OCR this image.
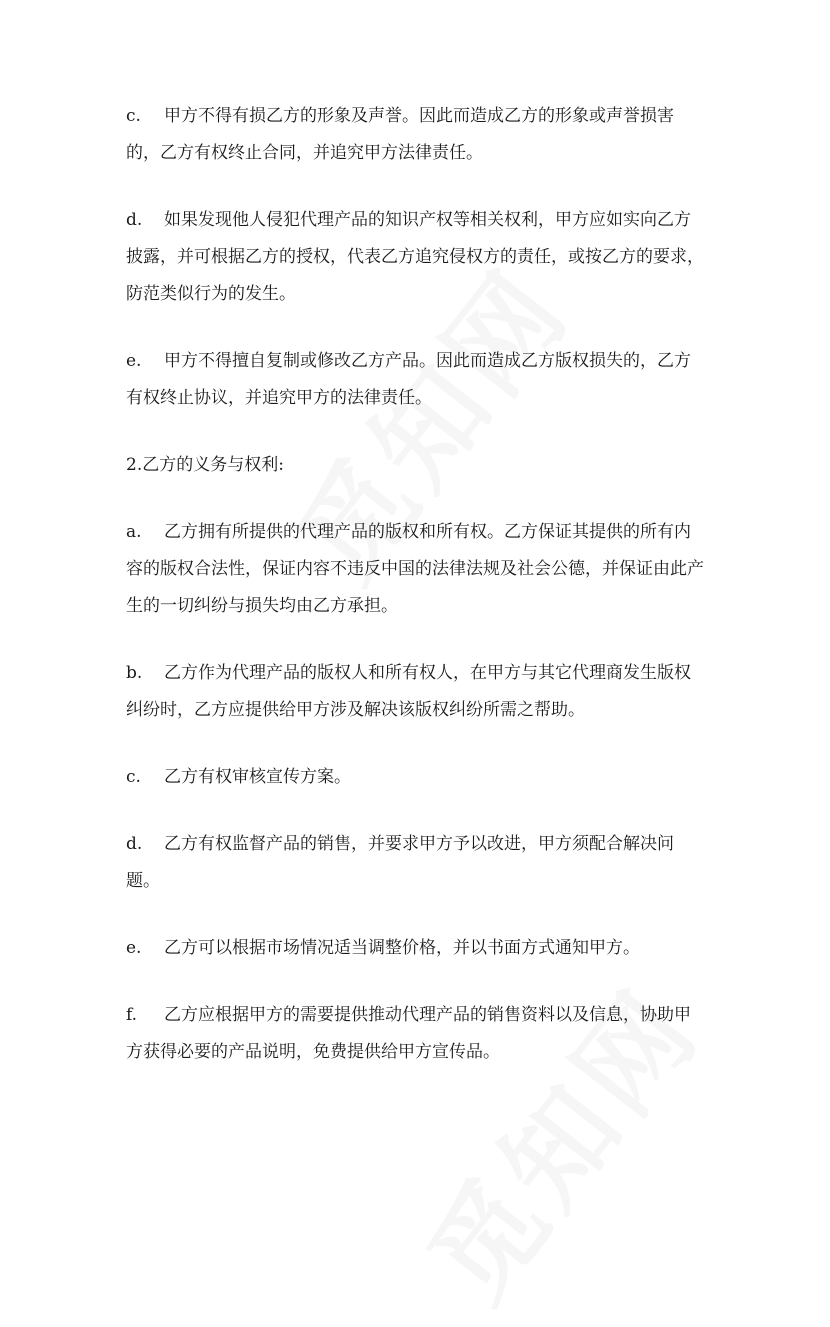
c. 甲方不得有损乙方的形象及声誉。因此而造成乙方的形象或声誉损害的，乙方有权终止合同，并追究甲方法律责任。

d. 如果发现他人侵犯代理产品的知识产权等相关权利，甲方应如实向乙方披露，并可根据乙方的授权，代表乙方追究侵权方的责任，或按乙方的要求，防范类似行为的发生。

e. 甲方不得擅自复制或修改乙方产品。因此而造成乙方版权损失的，乙方有权终止协议，并追究甲方的法律责任。

2.乙方的义务与权利:

a. 乙方拥有所提供的代理产品的版权和所有权。乙方保证其提供的所有内容的版权合法性，保证内容不违反中国的法律法规及社会公德，并保证由此产生的一切纠纷与损失均由乙方承担。

b. 乙方作为代理产品的版权人和所有权人，在甲方与其它代理商发生版权纠纷时，乙方应提供给甲方涉及解决该版权纠纷所需之帮助。

c. 乙方有权审核宣传方案。

d. 乙方有权监督产品的销售，并要求甲方予以改进，甲方须配合解决问题。

e. 乙方可以根据市场情况适当调整价格，并以书面方式通知甲方。

f. 乙方应根据甲方的需要提供推动代理产品的销售资料以及信息，协助甲方获得必要的产品说明，免费提供给甲方宣传品。
